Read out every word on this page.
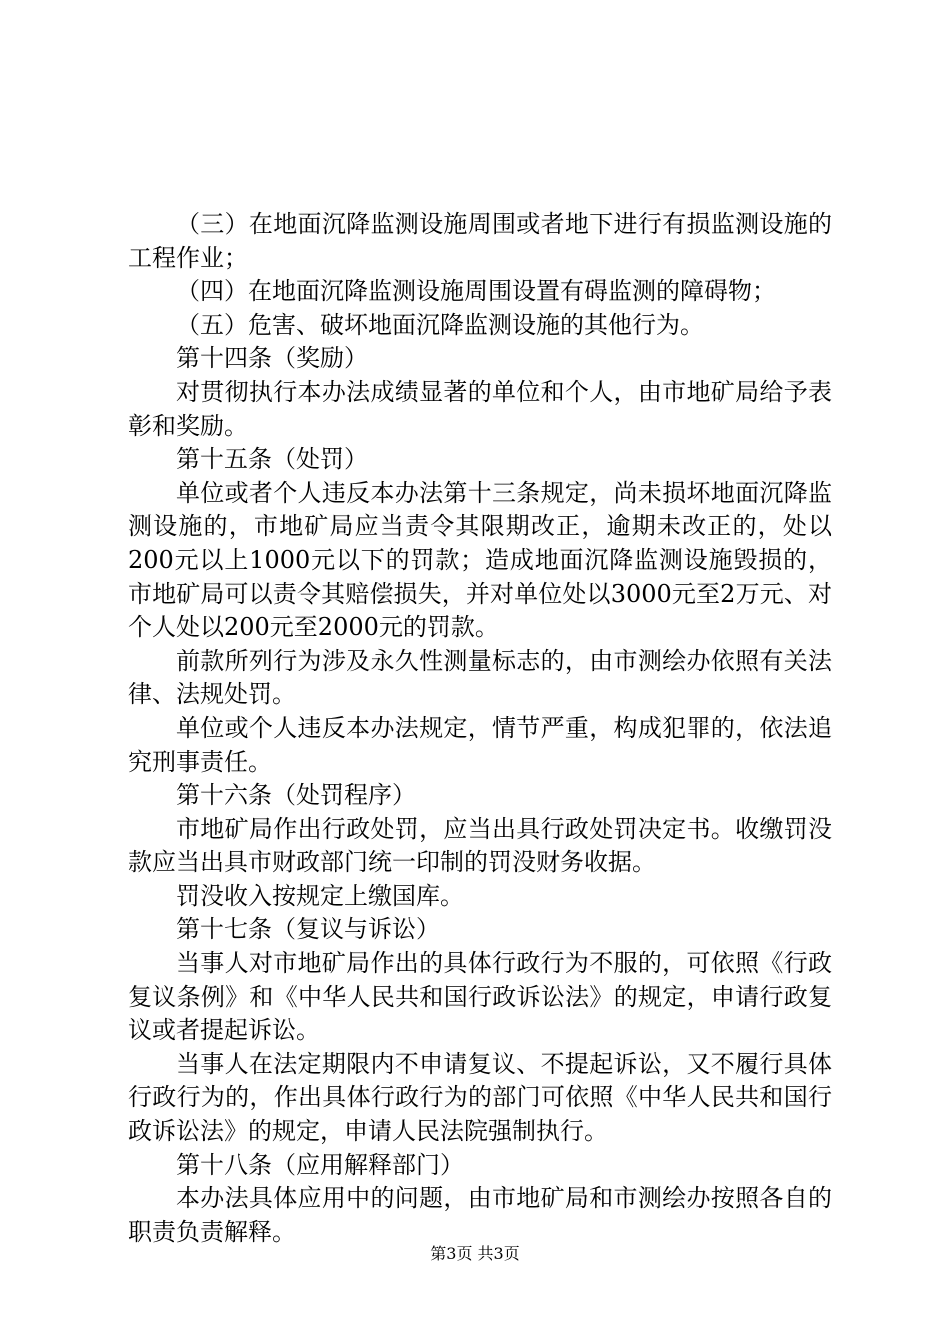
（三）在地面沉降监测设施周围或者地下进行有损监测设施的工程作业；

（四）在地面沉降监测设施周围设置有碍监测的障碍物；

（五）危害、破坏地面沉降监测设施的其他行为。

第十四条（奖励）

对贯彻执行本办法成绩显著的单位和个人，由市地矿局给予表彰和奖励。

第十五条（处罚）

单位或者个人违反本办法第十三条规定，尚未损坏地面沉降监测设施的，市地矿局应当责令其限期改正，逾期未改正的，处以200元以上1000元以下的罚款；造成地面沉降监测设施毁损的，市地矿局可以责令其赔偿损失，并对单位处以3000元至2万元、对个人处以200元至2000元的罚款。

前款所列行为涉及永久性测量标志的，由市测绘办依照有关法律、法规处罚。

单位或个人违反本办法规定，情节严重，构成犯罪的，依法追究刑事责任。

第十六条（处罚程序）

市地矿局作出行政处罚，应当出具行政处罚决定书。收缴罚没款应当出具市财政部门统一印制的罚没财务收据。

罚没收入按规定上缴国库。

第十七条（复议与诉讼）

当事人对市地矿局作出的具体行政行为不服的，可依照《行政复议条例》和《中华人民共和国行政诉讼法》的规定，申请行政复议或者提起诉讼。

当事人在法定期限内不申请复议、不提起诉讼，又不履行具体行政行为的，作出具体行政行为的部门可依照《中华人民共和国行政诉讼法》的规定，申请人民法院强制执行。

第十八条（应用解释部门）

本办法具体应用中的问题，由市地矿局和市测绘办按照各自的职责负责解释。

第3页 共3页
